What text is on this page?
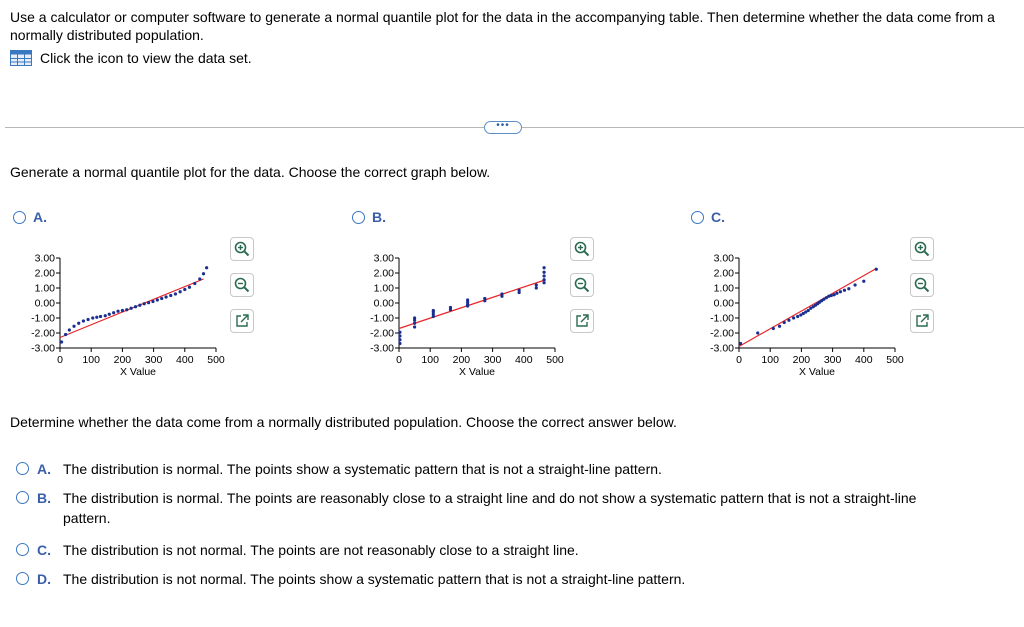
Use a calculator or computer software to generate a normal quantile plot for the data in the accompanying table. Then determine whether the data come from a normally distributed population.
Click the icon to view the data set.
•••
Generate a normal quantile plot for the data. Choose the correct graph below.
A.	B.	C.
3.00
2.00
1.00
0.00
-1.00
-2.00
-3.00
0 100 200 300 400 500
X Value
3.00
2.00
1.00
0.00
-1.00
-2.00
-3.00
0 100 200 300 400 500
X Value
3.00
2.00
1.00
0.00
-1.00
-2.00
-3.00
0 100 200 300 400 500
X Value
Determine whether the data come from a normally distributed population. Choose the correct answer below.
A. The distribution is normal. The points show a systematic pattern that is not a straight-line pattern.
B. The distribution is normal. The points are reasonably close to a straight line and do not show a systematic pattern that is not a straight-line pattern.
C. The distribution is not normal. The points are not reasonably close to a straight line.
D. The distribution is not normal. The points show a systematic pattern that is not a straight-line pattern.
